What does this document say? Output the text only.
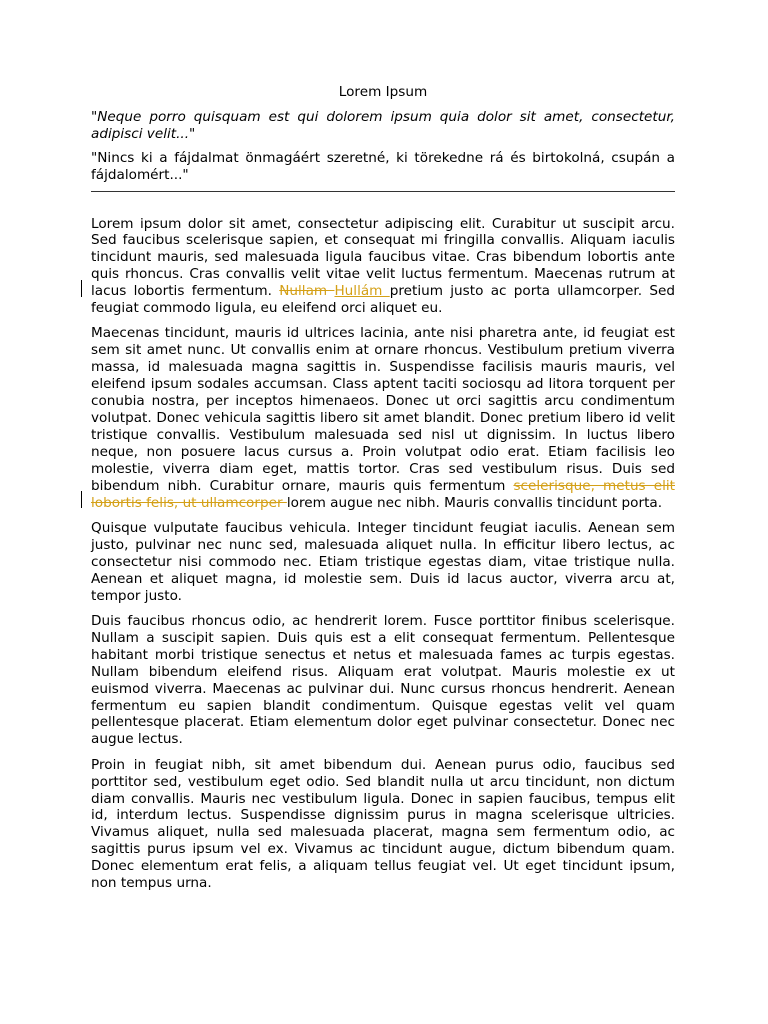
Lorem Ipsum
"Neque porro quisquam est qui dolorem ipsum quia dolor sit amet, consectetur, adipisci velit..."
"Nincs ki a fájdalmat önmagáért szeretné, ki törekedne rá és birtokolná, csupán a fájdalomért..."
Lorem ipsum dolor sit amet, consectetur adipiscing elit. Curabitur ut suscipit arcu. Sed faucibus scelerisque sapien, et consequat mi fringilla convallis. Aliquam iaculis tincidunt mauris, sed malesuada ligula faucibus vitae. Cras bibendum lobortis ante quis rhoncus. Cras convallis velit vitae velit luctus fermentum. Maecenas rutrum at lacus lobortis fermentum. Nullam Hullám pretium justo ac porta ullamcorper. Sed feugiat commodo ligula, eu eleifend orci aliquet eu.
Maecenas tincidunt, mauris id ultrices lacinia, ante nisi pharetra ante, id feugiat est sem sit amet nunc. Ut convallis enim at ornare rhoncus. Vestibulum pretium viverra massa, id malesuada magna sagittis in. Suspendisse facilisis mauris mauris, vel eleifend ipsum sodales accumsan. Class aptent taciti sociosqu ad litora torquent per conubia nostra, per inceptos himenaeos. Donec ut orci sagittis arcu condimentum volutpat. Donec vehicula sagittis libero sit amet blandit. Donec pretium libero id velit tristique convallis. Vestibulum malesuada sed nisl ut dignissim. In luctus libero neque, non posuere lacus cursus a. Proin volutpat odio erat. Etiam facilisis leo molestie, viverra diam eget, mattis tortor. Cras sed vestibulum risus. Duis sed bibendum nibh. Curabitur ornare, mauris quis fermentum scelerisque, metus elit lobortis felis, ut ullamcorper lorem augue nec nibh. Mauris convallis tincidunt porta.
Quisque vulputate faucibus vehicula. Integer tincidunt feugiat iaculis. Aenean sem justo, pulvinar nec nunc sed, malesuada aliquet nulla. In efficitur libero lectus, ac consectetur nisi commodo nec. Etiam tristique egestas diam, vitae tristique nulla. Aenean et aliquet magna, id molestie sem. Duis id lacus auctor, viverra arcu at, tempor justo.
Duis faucibus rhoncus odio, ac hendrerit lorem. Fusce porttitor finibus scelerisque. Nullam a suscipit sapien. Duis quis est a elit consequat fermentum. Pellentesque habitant morbi tristique senectus et netus et malesuada fames ac turpis egestas. Nullam bibendum eleifend risus. Aliquam erat volutpat. Mauris molestie ex ut euismod viverra. Maecenas ac pulvinar dui. Nunc cursus rhoncus hendrerit. Aenean fermentum eu sapien blandit condimentum. Quisque egestas velit vel quam pellentesque placerat. Etiam elementum dolor eget pulvinar consectetur. Donec nec augue lectus.
Proin in feugiat nibh, sit amet bibendum dui. Aenean purus odio, faucibus sed porttitor sed, vestibulum eget odio. Sed blandit nulla ut arcu tincidunt, non dictum diam convallis. Mauris nec vestibulum ligula. Donec in sapien faucibus, tempus elit id, interdum lectus. Suspendisse dignissim purus in magna scelerisque ultricies. Vivamus aliquet, nulla sed malesuada placerat, magna sem fermentum odio, ac sagittis purus ipsum vel ex. Vivamus ac tincidunt augue, dictum bibendum quam. Donec elementum erat felis, a aliquam tellus feugiat vel. Ut eget tincidunt ipsum, non tempus urna.
